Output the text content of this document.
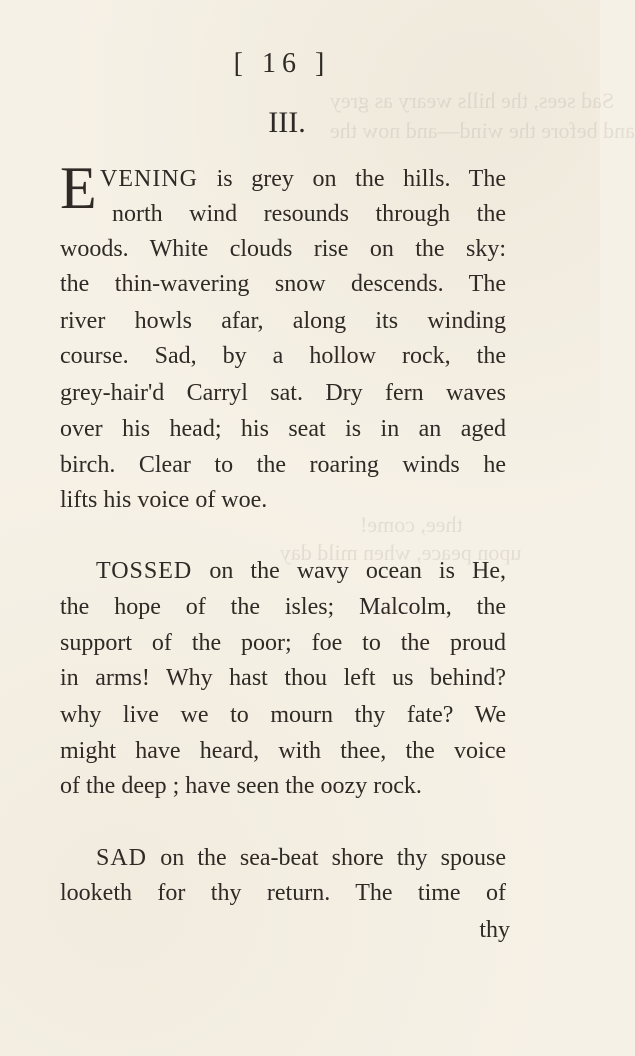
Sad sees, the hills weary as grey
and before the wind—and now the
thee, come!
upon peace, when mild day
[ 16 ]
III.
E VENING is grey on the hills. The
north wind resounds through the
woods. White clouds rise on the sky:
the thin-wavering snow descends. The
river howls afar, along its winding
course. Sad, by a hollow rock, the
grey-hair'd Carryl sat. Dry fern waves
over his head; his seat is in an aged
birch. Clear to the roaring winds he
lifts his voice of woe.
TOSSED on the wavy ocean is He,
the hope of the isles; Malcolm, the
support of the poor; foe to the proud
in arms! Why hast thou left us behind?
why live we to mourn thy fate? We
might have heard, with thee, the voice
of the deep ; have seen the oozy rock.
SAD on the sea-beat shore thy spouse
looketh for thy return. The time of
thy
